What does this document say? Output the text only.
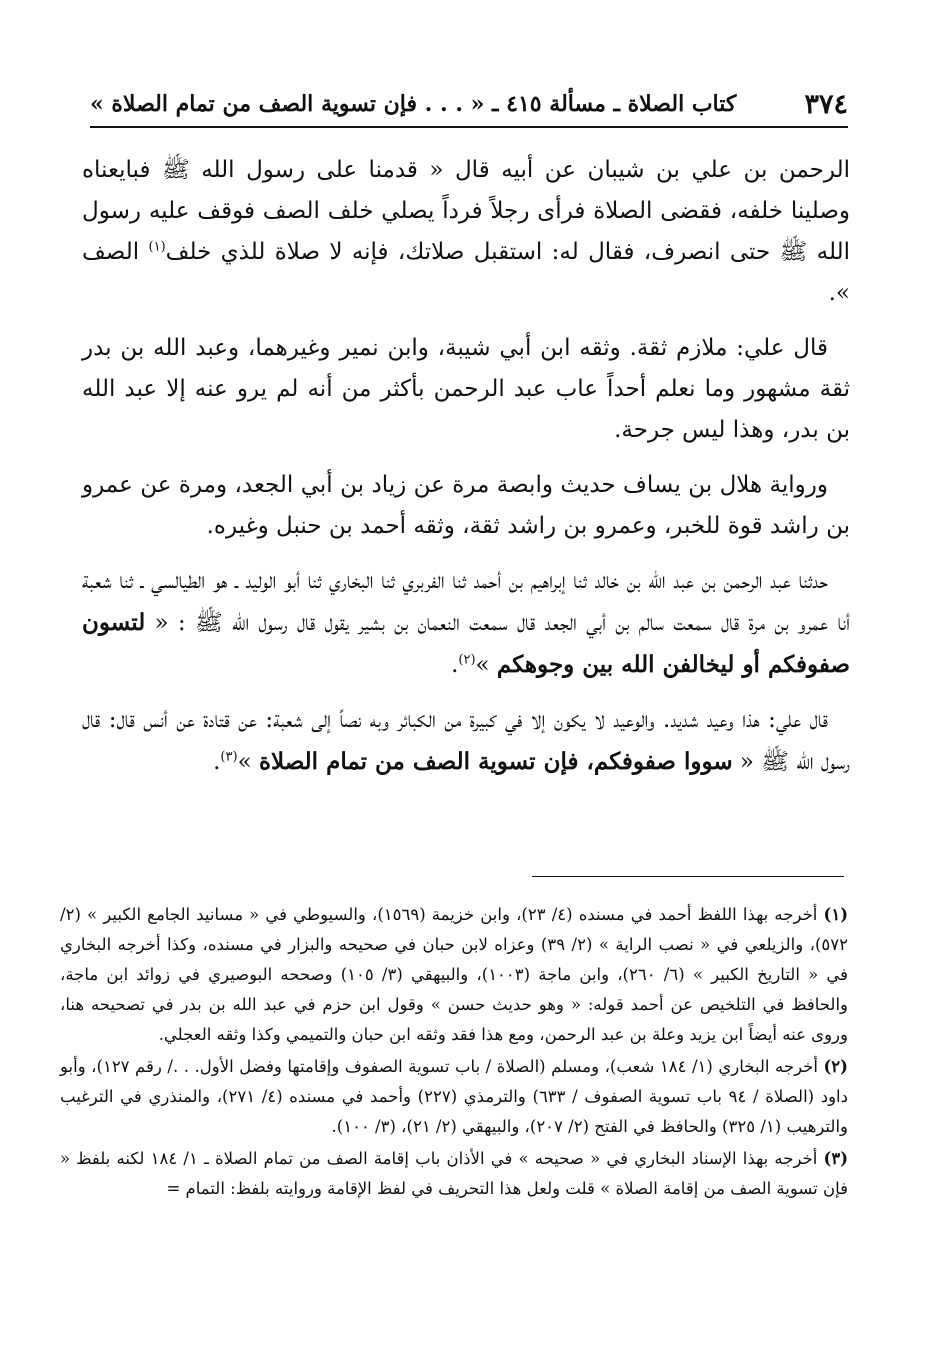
٣٧٤
كتاب الصلاة ـ مسألة ٤١٥ ـ « . . . فإن تسوية الصف من تمام الصلاة »

الرحمن بن علي بن شيبان عن أبيه قال « قدمنا على رسول الله ﷺ فبايعناه وصلينا خلفه، فقضى الصلاة فرأى رجلاً فرداً يصلي خلف الصف فوقف عليه رسول الله ﷺ حتى انصرف، فقال له: استقبل صلاتك، فإنه لا صلاة للذي خلف$^{(١)}$ الصف ».

قال علي: ملازم ثقة. وثقه ابن أبي شيبة، وابن نمير وغيرهما، وعبد الله بن بدر ثقة مشهور وما نعلم أحداً عاب عبد الرحمن بأكثر من أنه لم يرو عنه إلا عبد الله بن بدر، وهذا ليس جرحة.

ورواية هلال بن يساف حديث وابصة مرة عن زياد بن أبي الجعد، ومرة عن عمرو بن راشد قوة للخبر، وعمرو بن راشد ثقة، وثقه أحمد بن حنبل وغيره.

حدثنا عبد الرحمن بن عبد الله بن خالد ثنا إبراهيم بن أحمد ثنا الفربري ثنا البخاري ثنا أبو الوليد ـ هو الطيالسي ـ ثنا شعبة أنا عمرو بن مرة قال سمعت سالم بن أبي الجعد قال سمعت النعمان بن بشير يقول قال رسول الله ﷺ : « لتسون صفوفكم أو ليخالفن الله بين وجوهكم »$^{(٢)}$.

قال علي: هذا وعيد شديد. والوعيد لا يكون إلا في كبيرة من الكبائر وبه نصاً إلى شعبة: عن قتادة عن أنس قال: قال رسول الله ﷺ « سووا صفوفكم، فإن تسوية الصف من تمام الصلاة »$^{(٣)}$.

(١) أخرجه بهذا اللفظ أحمد في مسنده (٤/ ٢٣)، وابن خزيمة (١٥٦٩)، والسيوطي في « مسانيد الجامع الكبير » (٢/ ٥٧٢)، والزيلعي في « نصب الراية » (٢/ ٣٩) وعزاه لابن حبان في صحيحه والبزار في مسنده، وكذا أخرجه البخاري في « التاريخ الكبير » (٦/ ٢٦٠)، وابن ماجة (١٠٠٣)، والبيهقي (٣/ ١٠٥) وصححه البوصيري في زوائد ابن ماجة، والحافظ في التلخيص عن أحمد قوله: « وهو حديث حسن » وقول ابن حزم في عبد الله بن بدر في تصحيحه هنا، وروى عنه أيضاً ابن يزيد وعلة بن عبد الرحمن، ومع هذا فقد وثقه ابن حبان والتميمي وكذا وثقه العجلي.

(٢) أخرجه البخاري (١/ ١٨٤ شعب)، ومسلم (الصلاة / باب تسوية الصفوف وإقامتها وفضل الأول. . ./ رقم ١٢٧)، وأبو داود (الصلاة / ٩٤ باب تسوية الصفوف / ٦٣٣) والترمذي (٢٢٧) وأحمد في مسنده (٤/ ٢٧١)، والمنذري في الترغيب والترهيب (١/ ٣٢٥) والحافظ في الفتح (٢/ ٢٠٧)، والبيهقي (٢/ ٢١)، (٣/ ١٠٠).

(٣) أخرجه بهذا الإسناد البخاري في « صحيحه » في الأذان باب إقامة الصف من تمام الصلاة ـ ١/ ١٨٤ لكنه بلفظ « فإن تسوية الصف من إقامة الصلاة » قلت ولعل هذا التحريف في لفظ الإقامة وروايته بلفظ: التمام =
